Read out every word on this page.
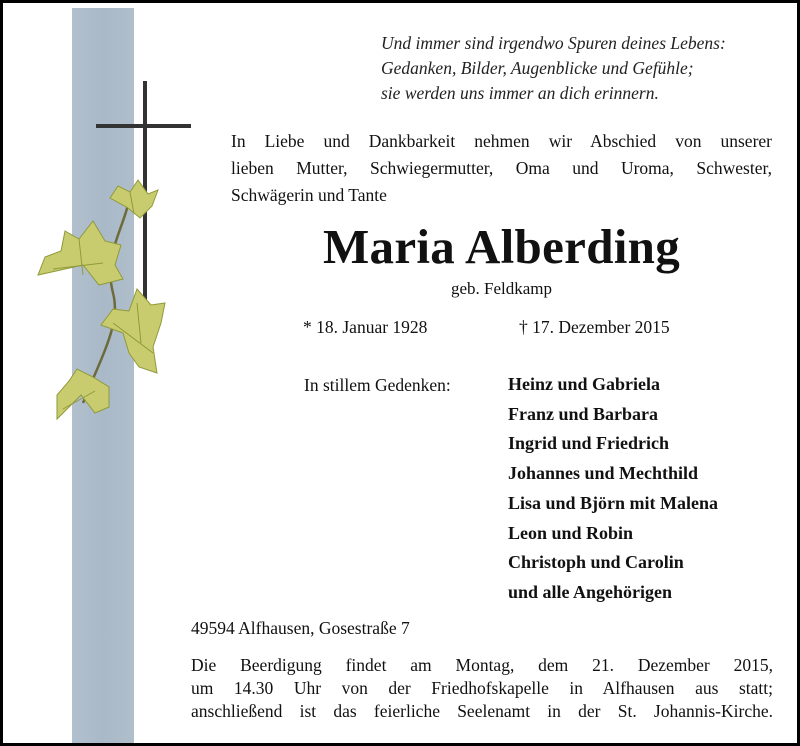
Und immer sind irgendwo Spuren deines Lebens:
Gedanken, Bilder, Augenblicke und Gefühle;
sie werden uns immer an dich erinnern.
In Liebe und Dankbarkeit nehmen wir Abschied von unserer
lieben Mutter, Schwiegermutter, Oma und Uroma, Schwester,
Schwägerin und Tante
Maria Alberding
geb. Feldkamp
* 18. Januar 1928	† 17. Dezember 2015
In stillem Gedenken:	Heinz und Gabriela
Franz und Barbara
Ingrid und Friedrich
Johannes und Mechthild
Lisa und Björn mit Malena
Leon und Robin
Christoph und Carolin
und alle Angehörigen
49594 Alfhausen, Gosestraße 7
Die Beerdigung findet am Montag, dem 21. Dezember 2015,
um 14.30 Uhr von der Friedhofskapelle in Alfhausen aus statt;
anschließend ist das feierliche Seelenamt in der St. Johannis-Kirche.
